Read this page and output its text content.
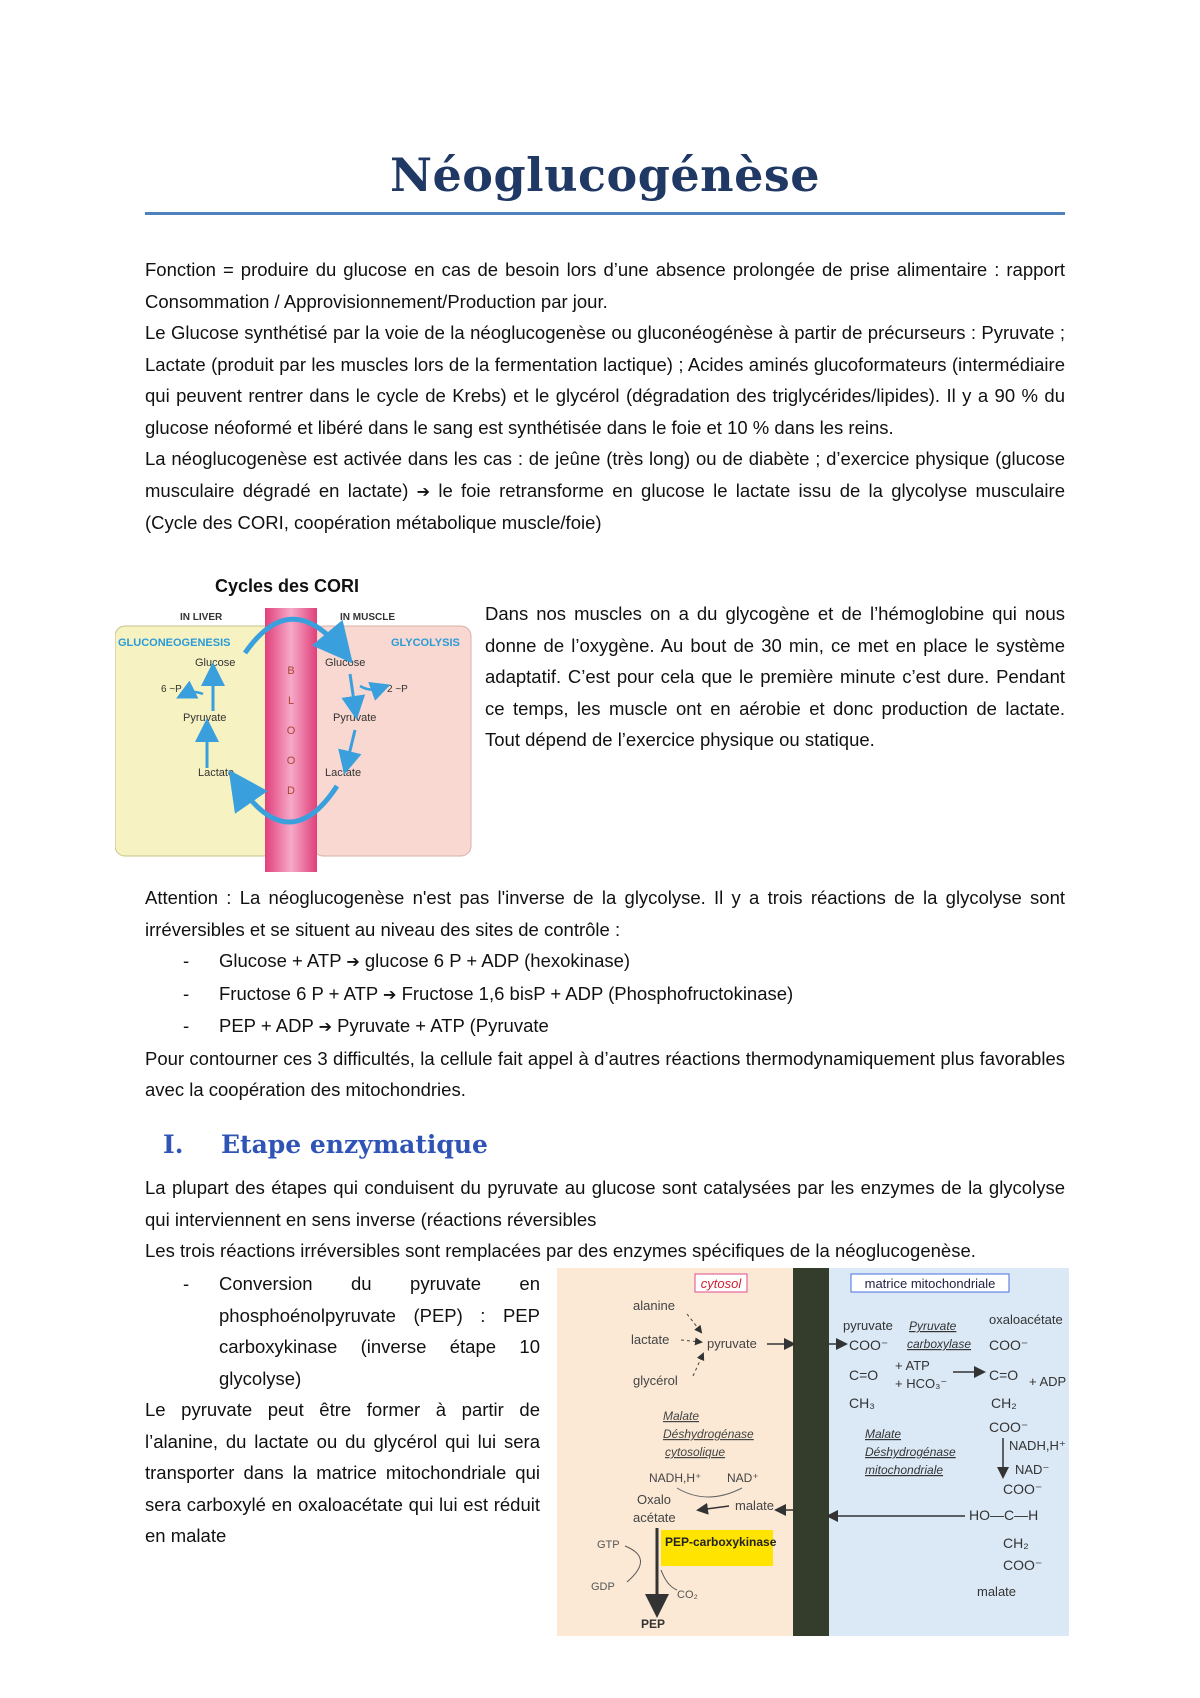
Néoglucogénèse

Fonction = produire du glucose en cas de besoin lors d’une absence prolongée de prise alimentaire : rapport Consommation / Approvisionnement/Production par jour.

Le Glucose synthétisé par la voie de la néoglucogenèse ou gluconéogénèse à partir de précurseurs : Pyruvate ; Lactate (produit par les muscles lors de la fermentation lactique) ; Acides aminés glucoformateurs (intermédiaire qui peuvent rentrer dans le cycle de Krebs) et le glycérol (dégradation des triglycérides/lipides). Il y a 90 % du glucose néoformé et libéré dans le sang est synthétisée dans le foie et 10 % dans les reins.

La néoglucogenèse est activée dans les cas : de jeûne (très long) ou de diabète ; d’exercice physique (glucose musculaire dégradé en lactate) ➔ le foie retransforme en glucose le lactate issu de la glycolyse musculaire (Cycle des CORI, coopération métabolique muscle/foie)

Cycles des CORI
IN LIVER	IN MUSCLE
GLUCONEOGENESIS	GLYCOLYSIS
B
L
O
O
D
Glucose
Pyruvate
Lactate
6 ~P
Glucose
Pyruvate
Lactate
2 ~P

Dans nos muscles on a du glycogène et de l’hémoglobine qui nous donne de l’oxygène. Au bout de 30 min, ce met en place le système adaptatif. C’est pour cela que le première minute c’est dure. Pendant ce temps, les muscle ont en aérobie et donc production de lactate. Tout dépend de l’exercice physique ou statique.

Attention : La néoglucogenèse n'est pas l'inverse de la glycolyse. Il y a trois réactions de la glycolyse sont irréversibles et se situent au niveau des sites de contrôle :

- Glucose + ATP ➔ glucose 6 P + ADP (hexokinase)
- Fructose 6 P + ATP ➔ Fructose 1,6 bisP + ADP (Phosphofructokinase)
- PEP + ADP ➔ Pyruvate + ATP (Pyruvate

Pour contourner ces 3 difficultés, la cellule fait appel à d’autres réactions thermodynamiquement plus favorables avec la coopération des mitochondries.

I. Etape enzymatique

La plupart des étapes qui conduisent du pyruvate au glucose sont catalysées par les enzymes de la glycolyse qui interviennent en sens inverse (réactions réversibles

Les trois réactions irréversibles sont remplacées par des enzymes spécifiques de la néoglucogenèse.

- Conversion du pyruvate en phosphoénolpyruvate (PEP) : PEP carboxykinase (inverse étape 10 glycolyse)

Le pyruvate peut être former à partir de l’alanine, du lactate ou du glycérol qui lui sera transporter dans la matrice mitochondriale qui sera carboxylé en oxaloacétate qui lui est réduit en malate

cytosol	matrice mitochondriale
alanine
lactate
glycérol
pyruvate
Malate
Déshydrogénase
cytosolique
NADH,H⁺ NAD⁺
Oxalo
acétate
malate
PEP-carboxykinase
GTP
GDP
CO₂
PEP
pyruvate Pyruvate
carboxylase
oxaloacétate
COO⁻
C=O
CH₃
+ ATP
+ HCO₃⁻
COO⁻
C=O + ADP
CH₂
COO⁻
Malate
Déshydrogénase
mitochondriale
NADH,H⁺
NAD⁻
COO⁻
HO—C—H
CH₂
COO⁻
malate
